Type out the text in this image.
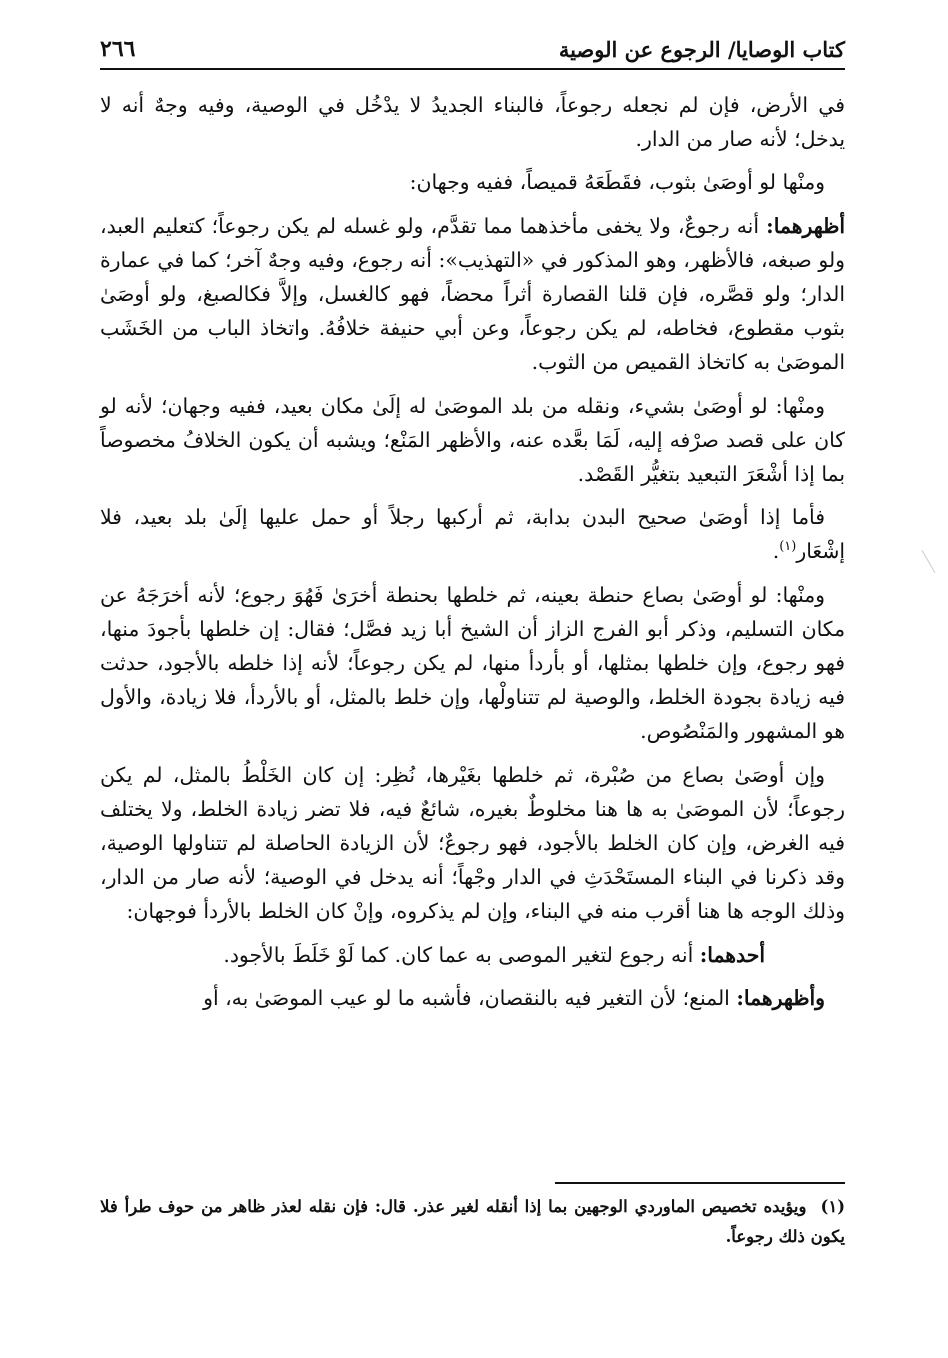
كتاب الوصايا/ الرجوع عن الوصية
٢٦٦

في الأرض، فإن لم نجعله رجوعاً، فالبناء الجديدُ لا يدْخُل في الوصية، وفيه وجهٌ أنه لا يدخل؛ لأنه صار من الدار.

ومنْها لو أوصَىٰ بثوب، فقَطَعَهُ قميصاً، ففيه وجهان:

أظهرهما: أنه رجوعٌ، ولا يخفى مأخذهما مما تقدَّم، ولو غسله لم يكن رجوعاً؛ كتعليم العبد، ولو صبغه، فالأظهر، وهو المذكور في «التهذيب»: أنه رجوع، وفيه وجهٌ آخر؛ كما في عمارة الدار؛ ولو قصَّره، فإن قلنا القصارة أثراً محضاً، فهو كالغسل، وإلاَّ فكالصبغ، ولو أوصَىٰ بثوب مقطوع، فخاطه، لم يكن رجوعاً، وعن أبي حنيفة خلافُهُ. واتخاذ الباب من الخَشَب الموصَىٰ به كاتخاذ القميص من الثوب.

ومنْها: لو أوصَىٰ بشيء، ونقله من بلد الموصَىٰ له إلَىٰ مكان بعيد، ففيه وجهان؛ لأنه لو كان على قصد صرْفه إليه، لَمَا بعَّده عنه، والأظهر المَنْع؛ ويشبه أن يكون الخلافُ مخصوصاً بما إذا أشْعَرَ التبعيد بتغيُّر القَصْد.

فأما إذا أوصَىٰ صحيح البدن بدابة، ثم أركبها رجلاً أو حمل عليها إلَىٰ بلد بعيد، فلا إشْعَار$^{(١)}$.

ومنْها: لو أوصَىٰ بصاع حنطة بعينه، ثم خلطها بحنطة أخرَىٰ فَهُوَ رجوع؛ لأنه أخرَجَهُ عن مكان التسليم، وذكر أبو الفرج الزاز أن الشيخ أبا زيد فصَّل؛ فقال: إن خلطها بأجودَ منها، فهو رجوع، وإن خلطها بمثلها، أو بأردأ منها، لم يكن رجوعاً؛ لأنه إذا خلطه بالأجود، حدثت فيه زيادة بجودة الخلط، والوصية لم تتناولْها، وإن خلط بالمثل، أو بالأردأ، فلا زيادة، والأول هو المشهور والمَنْصُوص.

وإن أوصَىٰ بصاع من صُبْرة، ثم خلطها بغَيْرها، نُظِر: إن كان الخَلْطُ بالمثل، لم يكن رجوعاً؛ لأن الموصَىٰ به ها هنا مخلوطٌ بغيره، شائعٌ فيه، فلا تضر زيادة الخلط، ولا يختلف فيه الغرض، وإن كان الخلط بالأجود، فهو رجوعٌ؛ لأن الزيادة الحاصلة لم تتناولها الوصية، وقد ذكرنا في البناء المستَحْدَثِ في الدار وجْهاً؛ أنه يدخل في الوصية؛ لأنه صار من الدار، وذلك الوجه ها هنا أقرب منه في البناء، وإن لم يذكروه، وإنْ كان الخلط بالأردأ فوجهان:

أحدهما: أنه رجوع لتغير الموصى به عما كان. كما لَوْ خَلَطَ بالأجود.

وأظهرهما: المنع؛ لأن التغير فيه بالنقصان، فأشبه ما لو عيب الموصَىٰ به، أو

(١)ويؤيده تخصيص الماوردي الوجهين بما إذا أنقله لغير عذر. قال: فإن نقله لعذر ظاهر من حوف طرأ فلا يكون ذلك رجوعاً.
